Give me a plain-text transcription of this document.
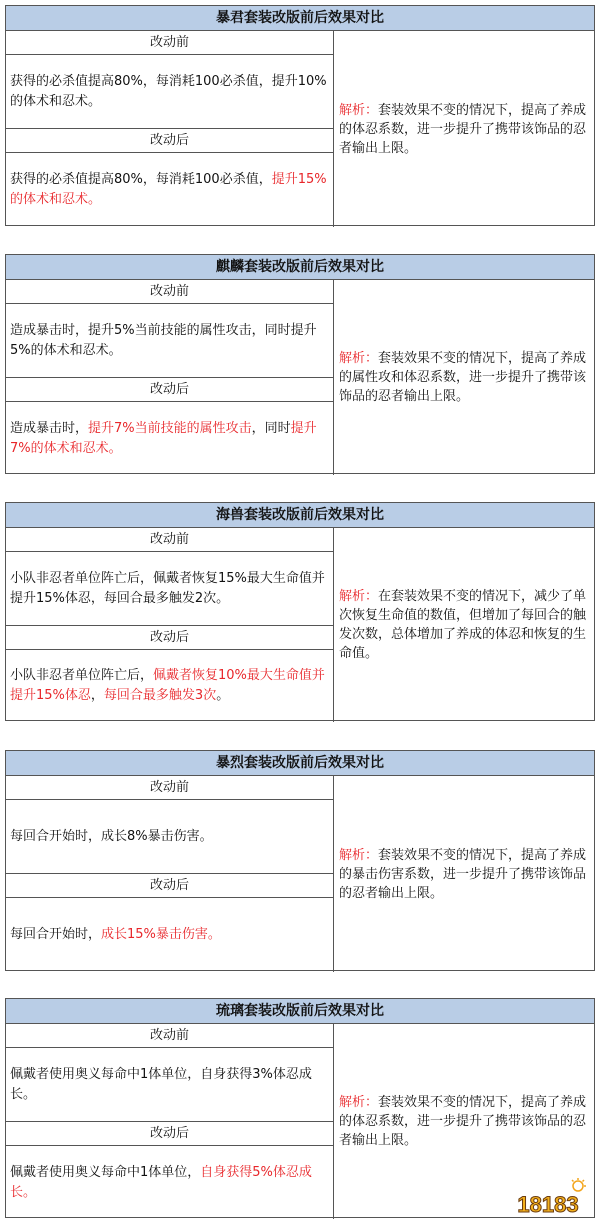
暴君套装改版前后效果对比
改动前
获得的必杀值提高80%，每消耗100必杀值，提升10%的体术和忍术。
改动后
获得的必杀值提高80%，每消耗100必杀值，提升15%的体术和忍术。
解析：套装效果不变的情况下，提高了养成的体忍系数，进一步提升了携带该饰品的忍者输出上限。
麒麟套装改版前后效果对比
改动前
造成暴击时，提升5%当前技能的属性攻击，同时提升5%的体术和忍术。
改动后
造成暴击时，提升7%当前技能的属性攻击，同时提升7%的体术和忍术。
解析：套装效果不变的情况下，提高了养成的属性攻和体忍系数，进一步提升了携带该饰品的忍者输出上限。
海兽套装改版前后效果对比
改动前
小队非忍者单位阵亡后，佩戴者恢复15%最大生命值并提升15%体忍，每回合最多触发2次。
改动后
小队非忍者单位阵亡后，佩戴者恢复10%最大生命值并提升15%体忍，每回合最多触发3次。
解析：在套装效果不变的情况下，减少了单次恢复生命值的数值，但增加了每回合的触发次数，总体增加了养成的体忍和恢复的生命值。
暴烈套装改版前后效果对比
改动前
每回合开始时，成长8%暴击伤害。
改动后
每回合开始时，成长15%暴击伤害。
解析：套装效果不变的情况下，提高了养成的暴击伤害系数，进一步提升了携带该饰品的忍者输出上限。
琉璃套装改版前后效果对比
改动前
佩戴者使用奥义每命中1体单位，自身获得3%体忍成长。
改动后
佩戴者使用奥义每命中1体单位，自身获得5%体忍成长。
解析：套装效果不变的情况下，提高了养成的体忍系数，进一步提升了携带该饰品的忍者输出上限。
18183
